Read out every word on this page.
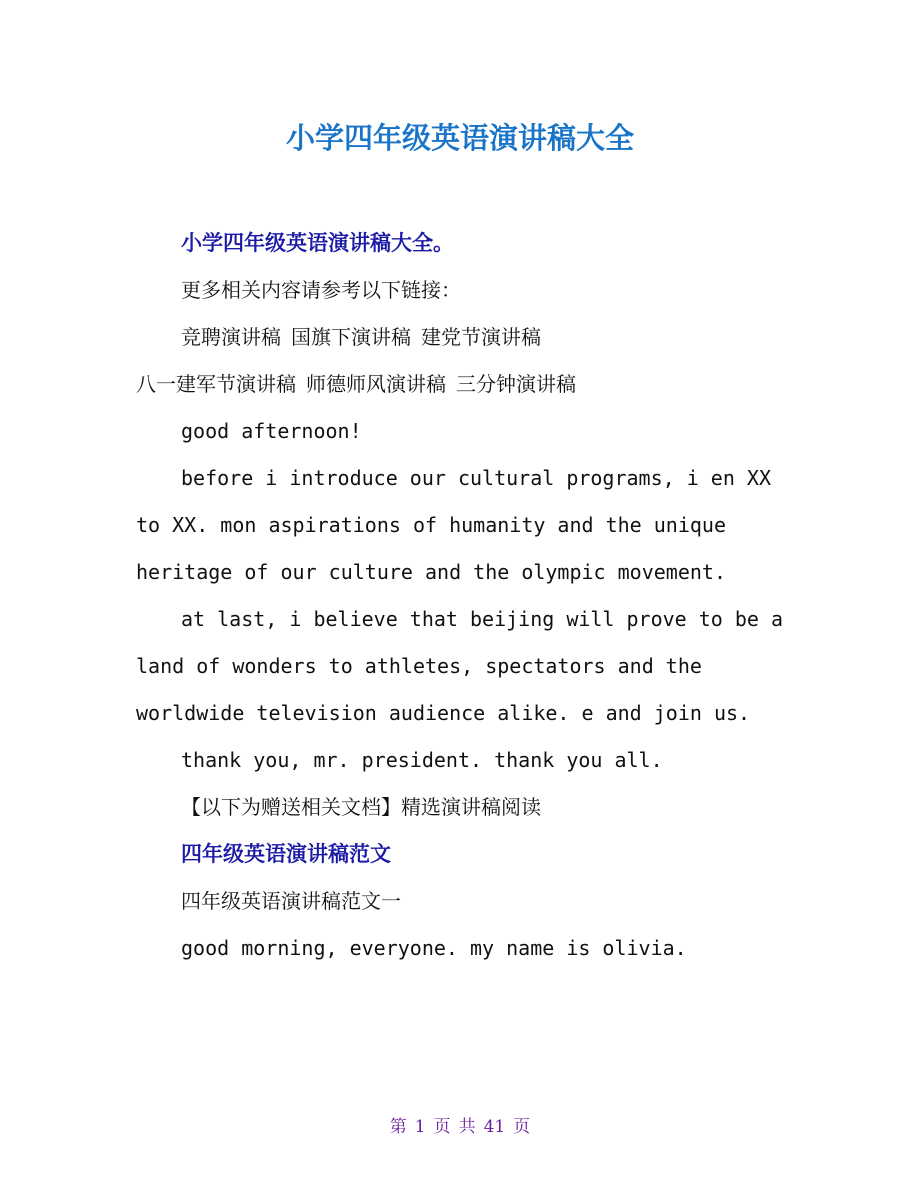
小学四年级英语演讲稿大全
小学四年级英语演讲稿大全。
更多相关内容请参考以下链接：
竞聘演讲稿 国旗下演讲稿 建党节演讲稿
八一建军节演讲稿 师德师风演讲稿 三分钟演讲稿
good afternoon!
before i introduce our cultural programs, i en XX
to XX. mon aspirations of humanity and the unique
heritage of our culture and the olympic movement.
at last, i believe that beijing will prove to be a
land of wonders to athletes, spectators and the
worldwide television audience alike. e and join us.
thank you, mr. president. thank you all.
【以下为赠送相关文档】精选演讲稿阅读
四年级英语演讲稿范文
四年级英语演讲稿范文一
good morning, everyone. my name is olivia.
第 1 页 共 41 页
